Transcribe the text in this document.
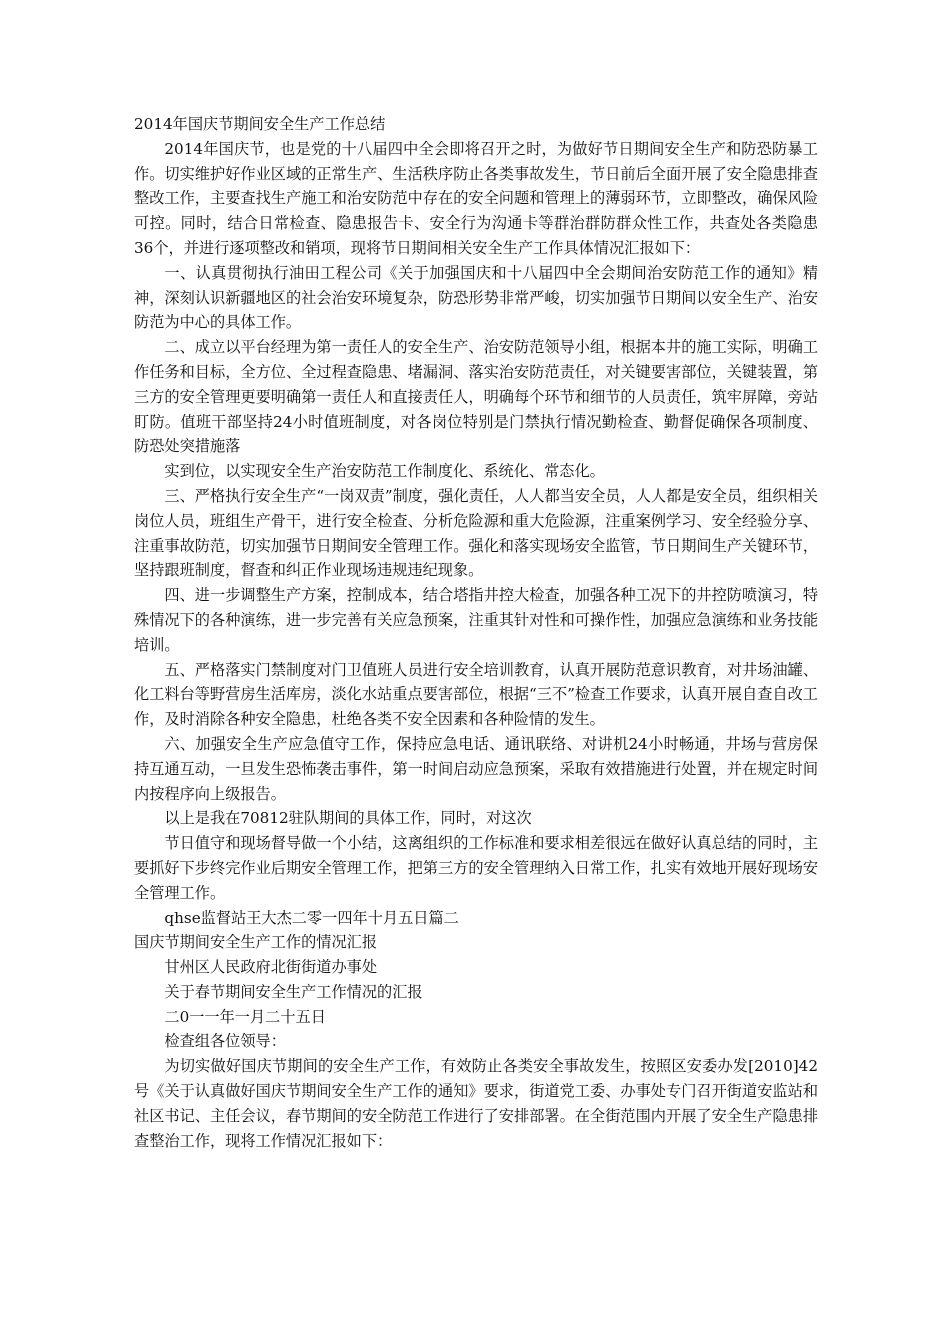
2014年国庆节期间安全生产工作总结

2014年国庆节，也是党的十八届四中全会即将召开之时，为做好节日期间安全生产和防恐防暴工作。切实维护好作业区域的正常生产、生活秩序防止各类事故发生，节日前后全面开展了安全隐患排查整改工作，主要查找生产施工和治安防范中存在的安全问题和管理上的薄弱环节，立即整改，确保风险可控。同时，结合日常检查、隐患报告卡、安全行为沟通卡等群治群防群众性工作，共查处各类隐患36个，并进行逐项整改和销项，现将节日期间相关安全生产工作具体情况汇报如下：

一、认真贯彻执行油田工程公司《关于加强国庆和十八届四中全会期间治安防范工作的通知》精神，深刻认识新疆地区的社会治安环境复杂，防恐形势非常严峻，切实加强节日期间以安全生产、治安防范为中心的具体工作。

二、成立以平台经理为第一责任人的安全生产、治安防范领导小组，根据本井的施工实际，明确工作任务和目标，全方位、全过程查隐患、堵漏洞、落实治安防范责任，对关键要害部位，关键装置，第三方的安全管理更要明确第一责任人和直接责任人，明确每个环节和细节的人员责任，筑牢屏障，旁站盯防。值班干部坚持24小时值班制度，对各岗位特别是门禁执行情况勤检查、勤督促确保各项制度、防恐处突措施落

实到位，以实现安全生产治安防范工作制度化、系统化、常态化。

三、严格执行安全生产“一岗双责”制度，强化责任，人人都当安全员，人人都是安全员，组织相关岗位人员，班组生产骨干，进行安全检查、分析危险源和重大危险源，注重案例学习、安全经验分享、注重事故防范，切实加强节日期间安全管理工作。强化和落实现场安全监管，节日期间生产关键环节，坚持跟班制度，督查和纠正作业现场违规违纪现象。

四、进一步调整生产方案，控制成本，结合塔指井控大检查，加强各种工况下的井控防喷演习，特殊情况下的各种演练，进一步完善有关应急预案，注重其针对性和可操作性，加强应急演练和业务技能培训。

五、严格落实门禁制度对门卫值班人员进行安全培训教育，认真开展防范意识教育，对井场油罐、化工料台等野营房生活库房，淡化水站重点要害部位，根据“三不”检查工作要求，认真开展自查自改工作，及时消除各种安全隐患，杜绝各类不安全因素和各种险情的发生。

六、加强安全生产应急值守工作，保持应急电话、通讯联络、对讲机24小时畅通，井场与营房保持互通互动，一旦发生恐怖袭击事件，第一时间启动应急预案，采取有效措施进行处置，并在规定时间内按程序向上级报告。

以上是我在70812驻队期间的具体工作，同时，对这次

节日值守和现场督导做一个小结，这离组织的工作标准和要求相差很远在做好认真总结的同时，主要抓好下步终完作业后期安全管理工作，把第三方的安全管理纳入日常工作，扎实有效地开展好现场安全管理工作。

qhse监督站王大杰二零一四年十月五日篇二

国庆节期间安全生产工作的情况汇报

甘州区人民政府北街街道办事处

关于春节期间安全生产工作情况的汇报

二0一一年一月二十五日

检查组各位领导：

为切实做好国庆节期间的安全生产工作，有效防止各类安全事故发生，按照区安委办发[2010]42号《关于认真做好国庆节期间安全生产工作的通知》要求，街道党工委、办事处专门召开街道安监站和社区书记、主任会议，春节期间的安全防范工作进行了安排部署。在全街范围内开展了安全生产隐患排查整治工作，现将工作情况汇报如下：
